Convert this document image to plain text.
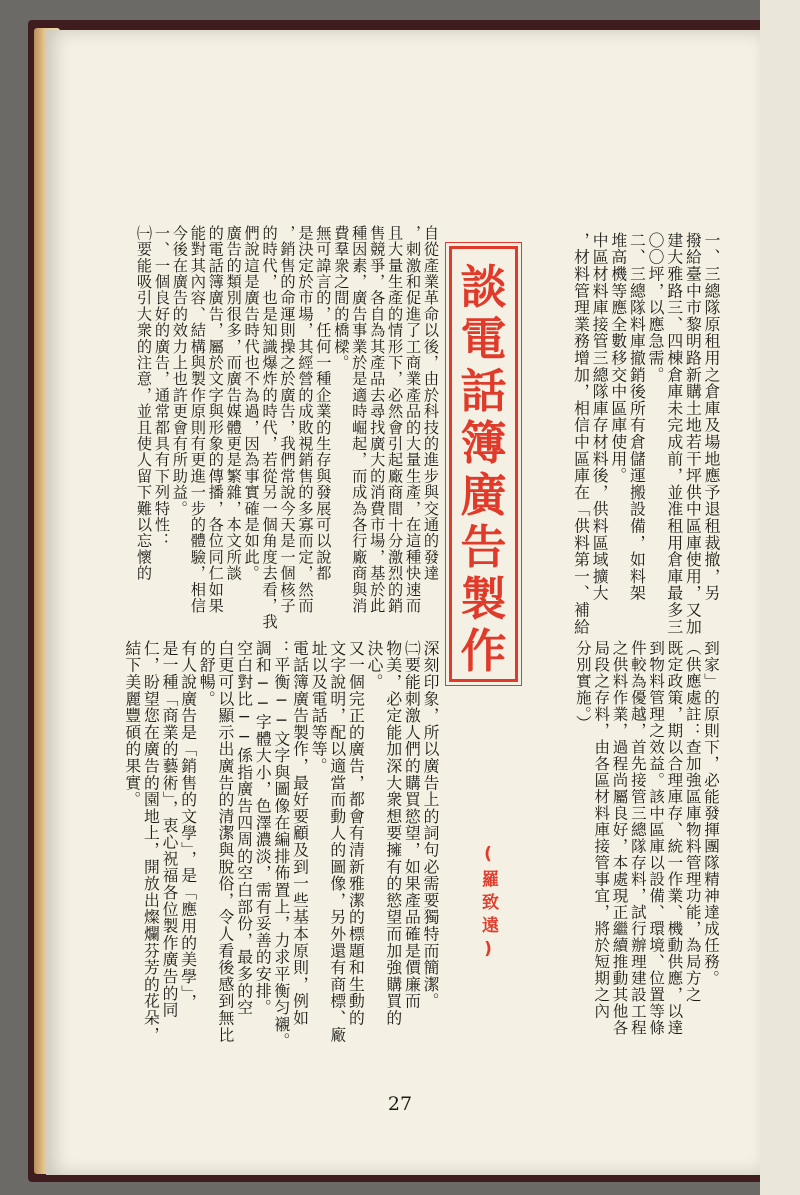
一、三總隊原租用之倉庫及場地應予退租裁撤，另
撥給臺中市黎明路新購土地若干坪供中區庫使用，又加
建大雅路三、四棟倉庫未完成前，並准租用倉庫最多三
〇〇坪，以應急需。
二、三總隊料庫撤銷後所有倉儲運搬設備，如料架
堆高機等應全數移交中區庫使用。
中區材料庫接管三總隊庫存材料後，供料區域擴大
，材料管理業務增加，相信中區庫在「供料第一、補給
到家」的原則下，必能發揮團隊精神達成任務。
（供應處註：查加強區庫物料管理功能，為局方之
既定政策，期以合理庫存、統一作業、機動供應，以達
到物料管理之效益。該中區庫以設備、環境、位置等條
件較為優越，首先接管三總隊存料，試行辦理建設工程
之供料作業，過程尚屬良好，本處現正繼續推動其他各
局段之存料，由各區材料庫接管事宜，將於短期之內
分別實施。）
自從產業革命以後，由於科技的進步與交通的發達
，刺激和促進了工商業產品的大量生產，在這種快速而
且大量生產的情形下，必然會引起廠商間十分激烈的銷
售競爭，各自為其產品去尋找廣大的消費市場，基於此
種因素，廣告事業於是適時崛起，而成為各行廠商與消
費羣衆之間的橋樑。
無可諱言的，任何一種企業的生存與發展可以說都
是決定於市場，其經營的成敗視銷售的多寡而定，然而
，銷售的命運則操之於廣告，我們常說今天是一個核子
的時代，也是知識爆炸的時代，若從另一個角度去看，我
們說這是廣告時代也不為過，因為事實確是如此。
廣告的類別很多，而廣告媒體更是繁雜，本文所談
的電話簿廣告，屬於文字與形象的傳播，各位同仁如果
能對其內容、結構與製作原則有更進一步的體驗，相信
今後在廣告的效力上也許更會有所助益。
一、一個良好的廣告，通常都具有下列特性：
㈠要能吸引大衆的注意，並且使人留下難以忘懷的
深刻印象，所以廣告上的詞句必需要獨特而簡潔。
㈡要能刺激人們的購買慾望，如果產品確是價廉而
物美，必定能加深大衆想要擁有的慾望而加強購買的
決心。
又一個完正的廣告，都會有清新雅潔的標題和生動的
文字說明，配以適當而動人的圖像，另外還有商標、廠
址以及電話等等。
電話簿廣告製作，最好要顧及到一些基本原則，例如
：平衡──文字與圖像在編排佈置上，力求平衡匀襯。
調和──字體大小，色澤濃淡，需有妥善的安排。
空白對比──係指廣告四周的空白部份，最多的空
白更可以顯示出廣告的清潔與脫俗，令人看後感到無比
的舒暢。
有人說廣告是「銷售的文學」，是「應用的美學」，
是一種「商業的藝術」，衷心祝福各位製作廣告的同
仁，盼望您在廣告的園地上，開放出燦爛芬芳的花朵，
結下美麗豐碩的果實。
談
電
話
簿
廣
告
製
作
(羅致遠)
27
